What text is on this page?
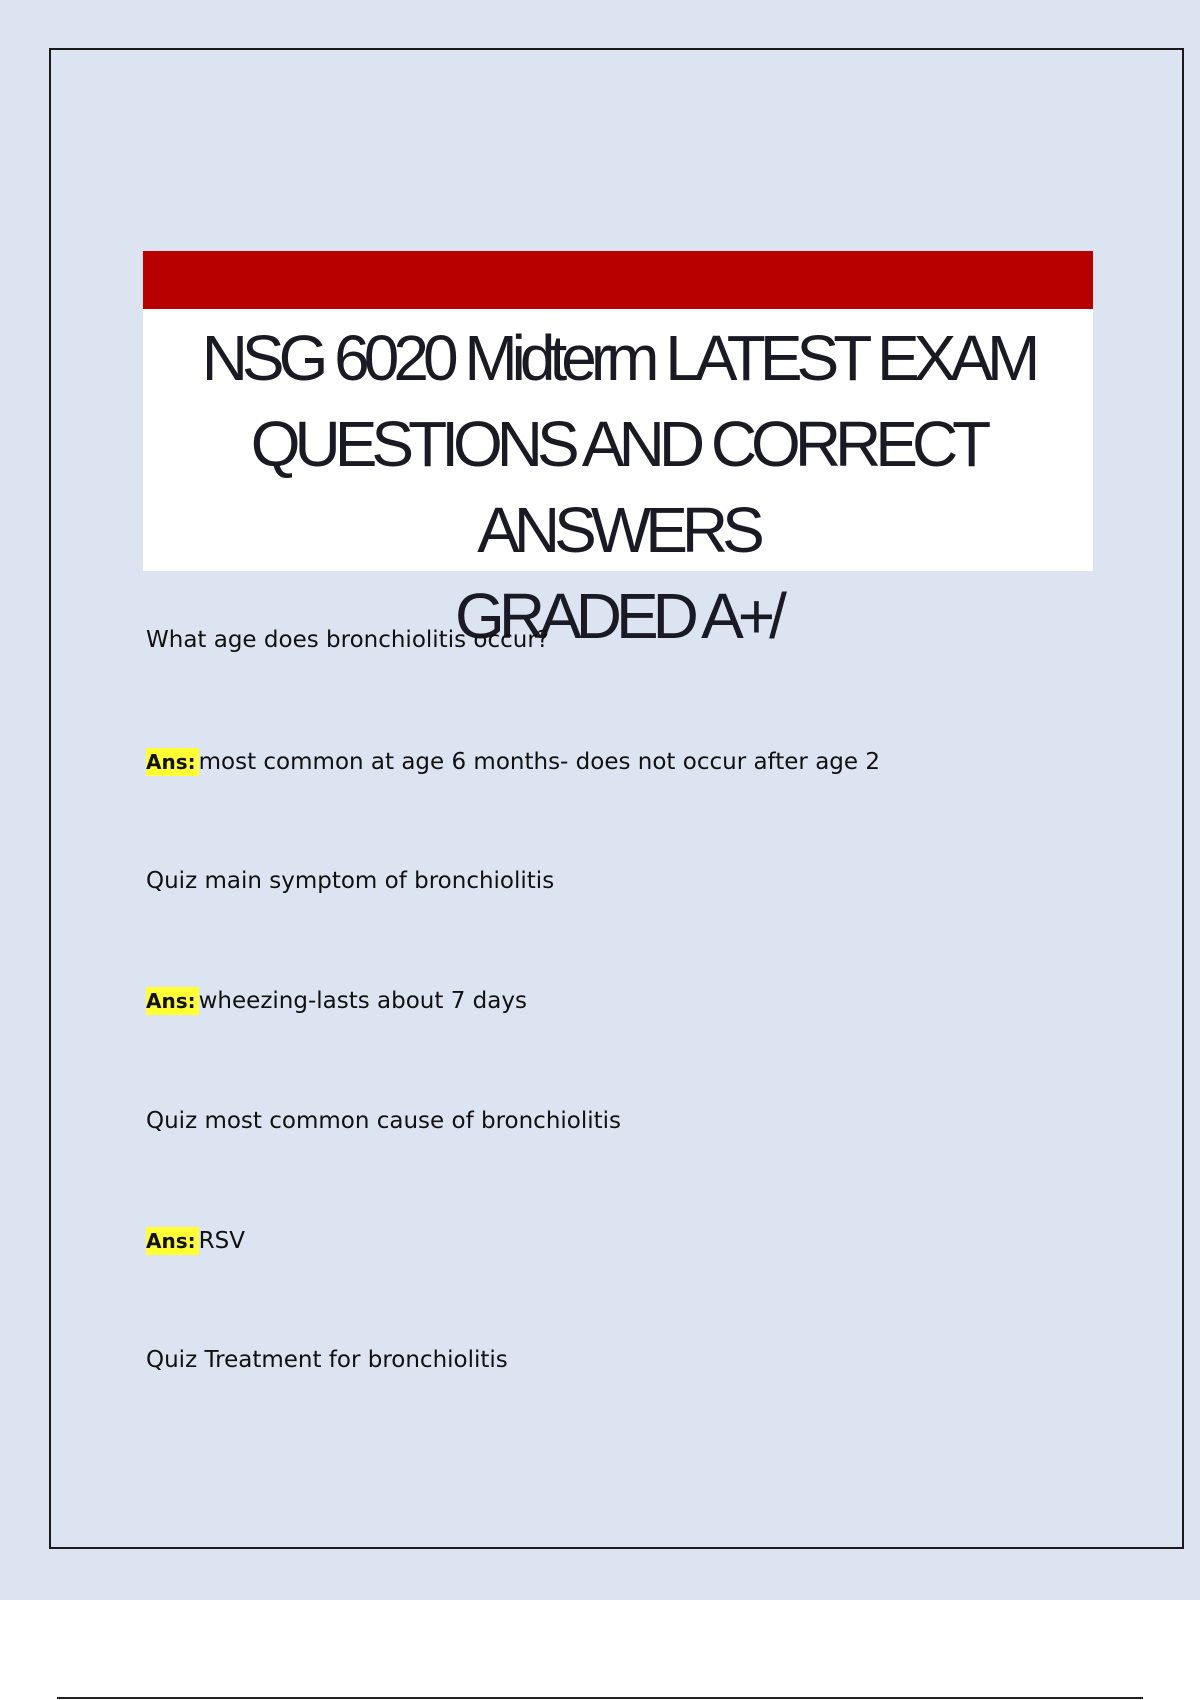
NSG 6020 Midterm LATEST EXAM
QUESTIONS AND CORRECT ANSWERS
GRADED A+/

What age does bronchiolitis occur?

Ans: most common at age 6 months- does not occur after age 2

Quiz main symptom of bronchiolitis

Ans: wheezing-lasts about 7 days

Quiz most common cause of bronchiolitis

Ans: RSV

Quiz Treatment for bronchiolitis
